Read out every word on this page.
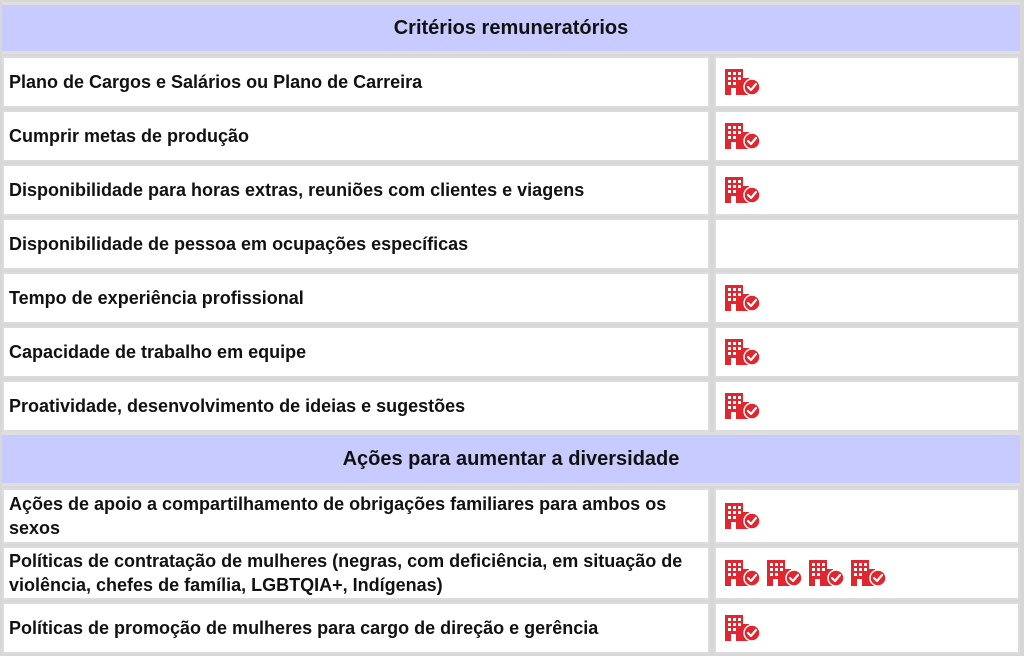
Critérios remuneratórios
Plano de Cargos e Salários ou Plano de Carreira
Cumprir metas de produção
Disponibilidade para horas extras, reuniões com clientes e viagens
Disponibilidade de pessoa em ocupações específicas
Tempo de experiência profissional
Capacidade de trabalho em equipe
Proatividade, desenvolvimento de ideias e sugestões
Ações para aumentar a diversidade
Ações de apoio a compartilhamento de obrigações familiares para ambos os sexos
Políticas de contratação de mulheres (negras, com deficiência, em situação de violência, chefes de família, LGBTQIA+, Indígenas)
Políticas de promoção de mulheres para cargo de direção e gerência
